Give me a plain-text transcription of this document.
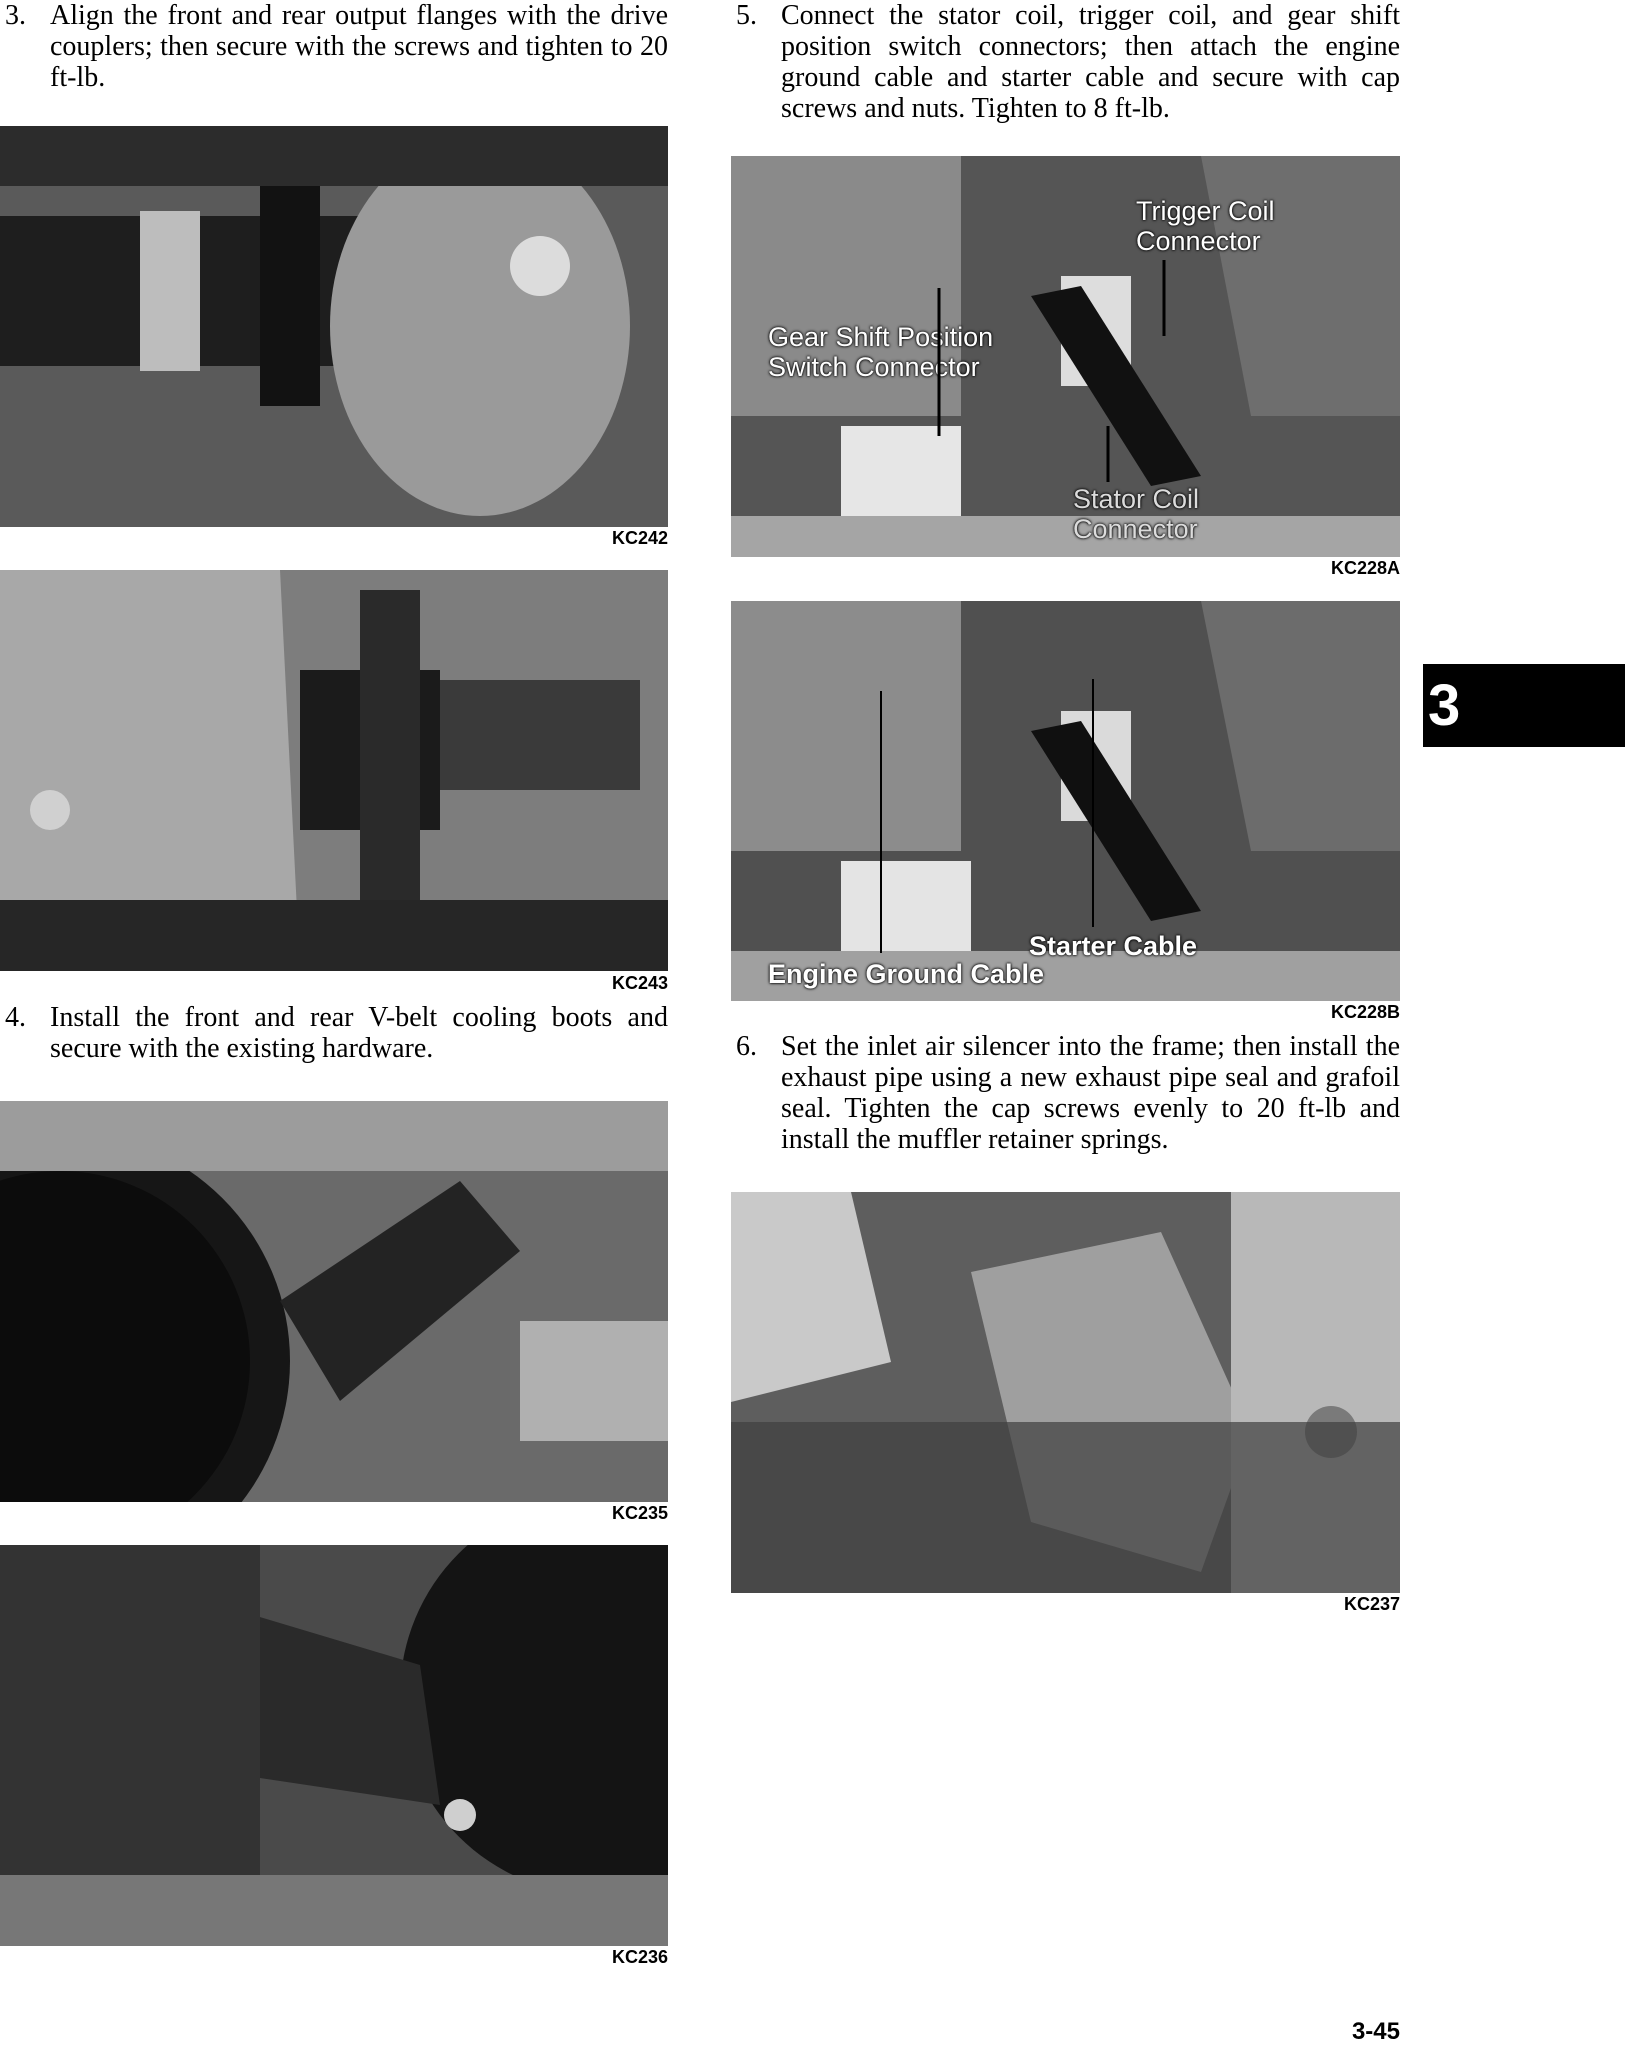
3. Align the front and rear output flanges with the drive couplers; then secure with the screws and tighten to 20 ft-lb.
KC242
KC243
4. Install the front and rear V-belt cooling boots and secure with the existing hardware.
KC235
KC236
5. Connect the stator coil, trigger coil, and gear shift position switch connectors; then attach the engine ground cable and starter cable and secure with cap screws and nuts. Tighten to 8 ft-lb.
Trigger Coil
Connector
Gear Shift Position
Switch Connector
Stator Coil
Connector
KC228A
Starter Cable
Engine Ground Cable
KC228B
6. Set the inlet air silencer into the frame; then install the exhaust pipe using a new exhaust pipe seal and grafoil seal. Tighten the cap screws evenly to 20 ft-lb and install the muffler retainer springs.
KC237
3
3-45
